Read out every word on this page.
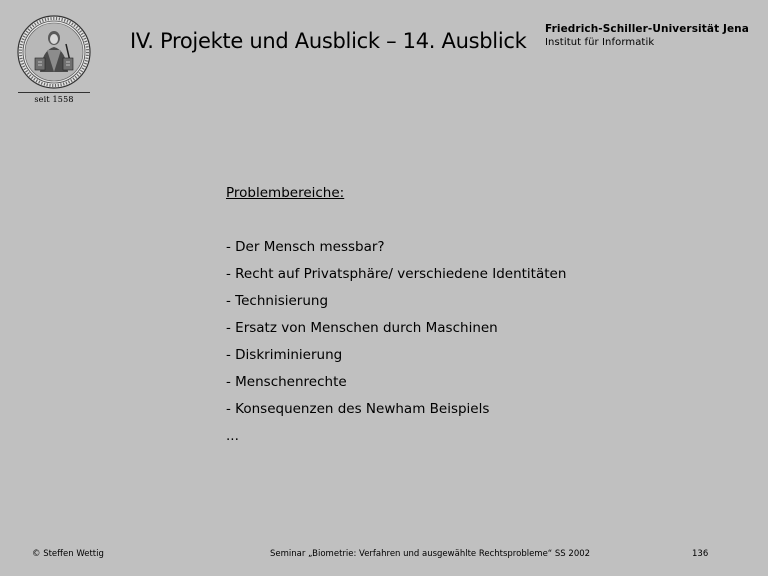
seit 1558
IV. Projekte und Ausblick – 14. Ausblick Friedrich-Schiller-Universität Jena
Institut für Informatik
Problembereiche:
- Der Mensch messbar?
- Recht auf Privatsphäre/ verschiedene Identitäten
- Technisierung
- Ersatz von Menschen durch Maschinen
- Diskriminierung
- Menschenrechte
- Konsequenzen des Newham Beispiels
...
© Steffen Wettig	Seminar „Biometrie: Verfahren und ausgewählte Rechtsprobleme“ SS 2002	136
